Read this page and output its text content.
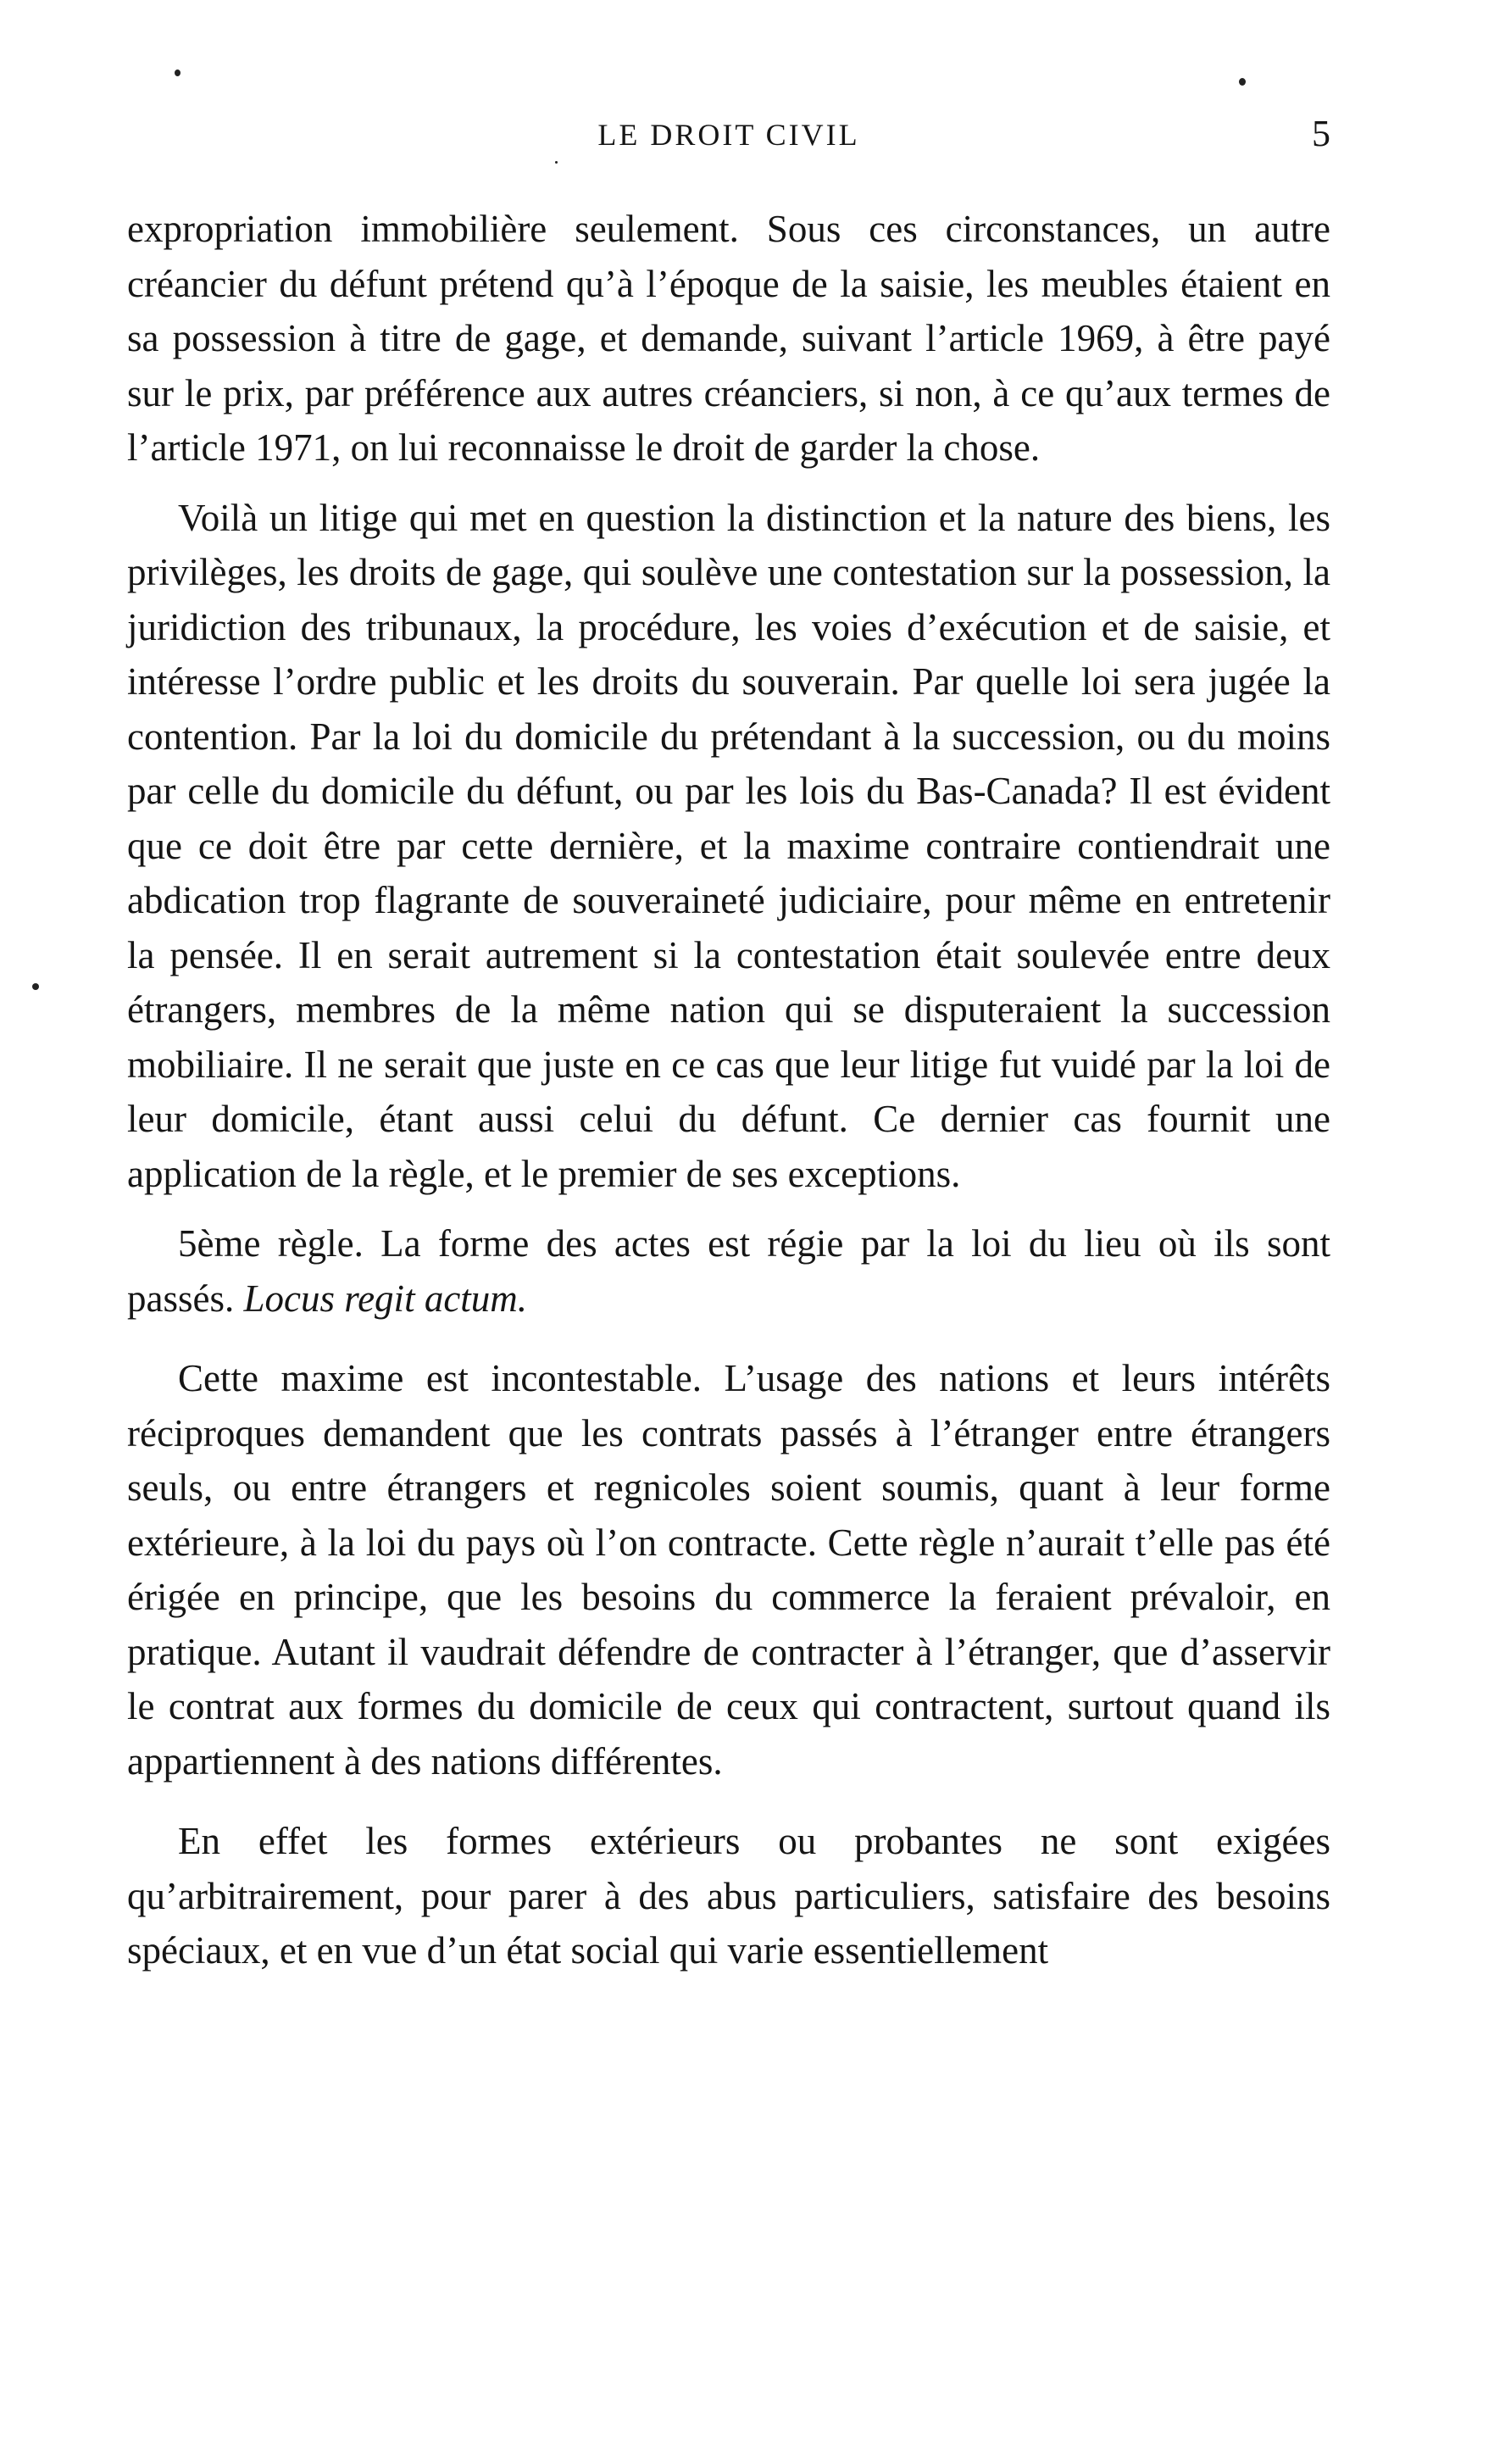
LE DROIT CIVIL	5

expropriation immobilière seulement. Sous ces circonstances, un autre créancier du défunt prétend qu’à l’époque de la saisie, les meubles étaient en sa possession à titre de gage, et demande, suivant l’article 1969, à être payé sur le prix, par préférence aux autres créanciers, si non, à ce qu’aux termes de l’article 1971, on lui reconnaisse le droit de garder la chose.

Voilà un litige qui met en question la distinction et la nature des biens, les privilèges, les droits de gage, qui soulève une contestation sur la possession, la juridiction des tribunaux, la procédure, les voies d’exécution et de saisie, et intéresse l’ordre public et les droits du souverain. Par quelle loi sera jugée la contention. Par la loi du domicile du prétendant à la succession, ou du moins par celle du domicile du défunt, ou par les lois du Bas-Canada? Il est évident que ce doit être par cette dernière, et la maxime contraire contiendrait une abdication trop flagrante de souveraineté judiciaire, pour même en entretenir la pensée. Il en serait autrement si la contestation était soulevée entre deux étrangers, membres de la même nation qui se disputeraient la succession mobiliaire. Il ne serait que juste en ce cas que leur litige fut vuidé par la loi de leur domicile, étant aussi celui du défunt. Ce dernier cas fournit une application de la règle, et le premier de ses exceptions.

5ème règle. La forme des actes est régie par la loi du lieu où ils sont passés. Locus regit actum.

Cette maxime est incontestable. L’usage des nations et leurs intérêts réciproques demandent que les contrats passés à l’étranger entre étrangers seuls, ou entre étrangers et regnicoles soient soumis, quant à leur forme extérieure, à la loi du pays où l’on contracte. Cette règle n’aurait t’elle pas été érigée en principe, que les besoins du commerce la feraient prévaloir, en pratique. Autant il vaudrait défendre de contracter à l’étranger, que d’asservir le contrat aux formes du domicile de ceux qui contractent, surtout quand ils appartiennent à des nations différentes.

En effet les formes extérieurs ou probantes ne sont exigées qu’arbitrairement, pour parer à des abus particuliers, satisfaire des besoins spéciaux, et en vue d’un état social qui varie essentiellement
